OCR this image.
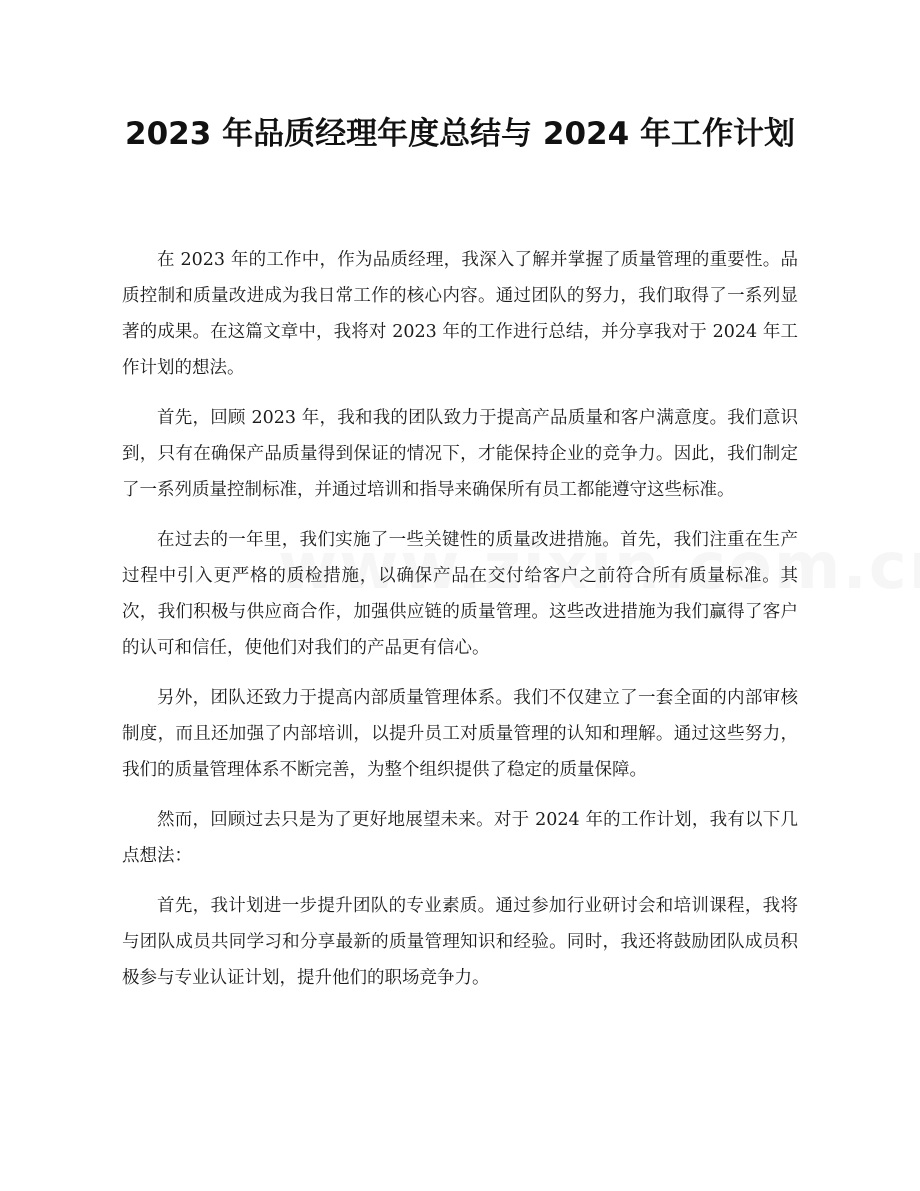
2023 年品质经理年度总结与 2024 年工作计划

在 2023 年的工作中，作为品质经理，我深入了解并掌握了质量管理的重要性。品质控制和质量改进成为我日常工作的核心内容。通过团队的努力，我们取得了一系列显著的成果。在这篇文章中，我将对 2023 年的工作进行总结，并分享我对于 2024 年工作计划的想法。

首先，回顾 2023 年，我和我的团队致力于提高产品质量和客户满意度。我们意识到，只有在确保产品质量得到保证的情况下，才能保持企业的竞争力。因此，我们制定了一系列质量控制标准，并通过培训和指导来确保所有员工都能遵守这些标准。

在过去的一年里，我们实施了一些关键性的质量改进措施。首先，我们注重在生产过程中引入更严格的质检措施，以确保产品在交付给客户之前符合所有质量标准。其次，我们积极与供应商合作，加强供应链的质量管理。这些改进措施为我们赢得了客户的认可和信任，使他们对我们的产品更有信心。

另外，团队还致力于提高内部质量管理体系。我们不仅建立了一套全面的内部审核制度，而且还加强了内部培训，以提升员工对质量管理的认知和理解。通过这些努力，我们的质量管理体系不断完善，为整个组织提供了稳定的质量保障。

然而，回顾过去只是为了更好地展望未来。对于 2024 年的工作计划，我有以下几点想法：

首先，我计划进一步提升团队的专业素质。通过参加行业研讨会和培训课程，我将与团队成员共同学习和分享最新的质量管理知识和经验。同时，我还将鼓励团队成员积极参与专业认证计划，提升他们的职场竞争力。
